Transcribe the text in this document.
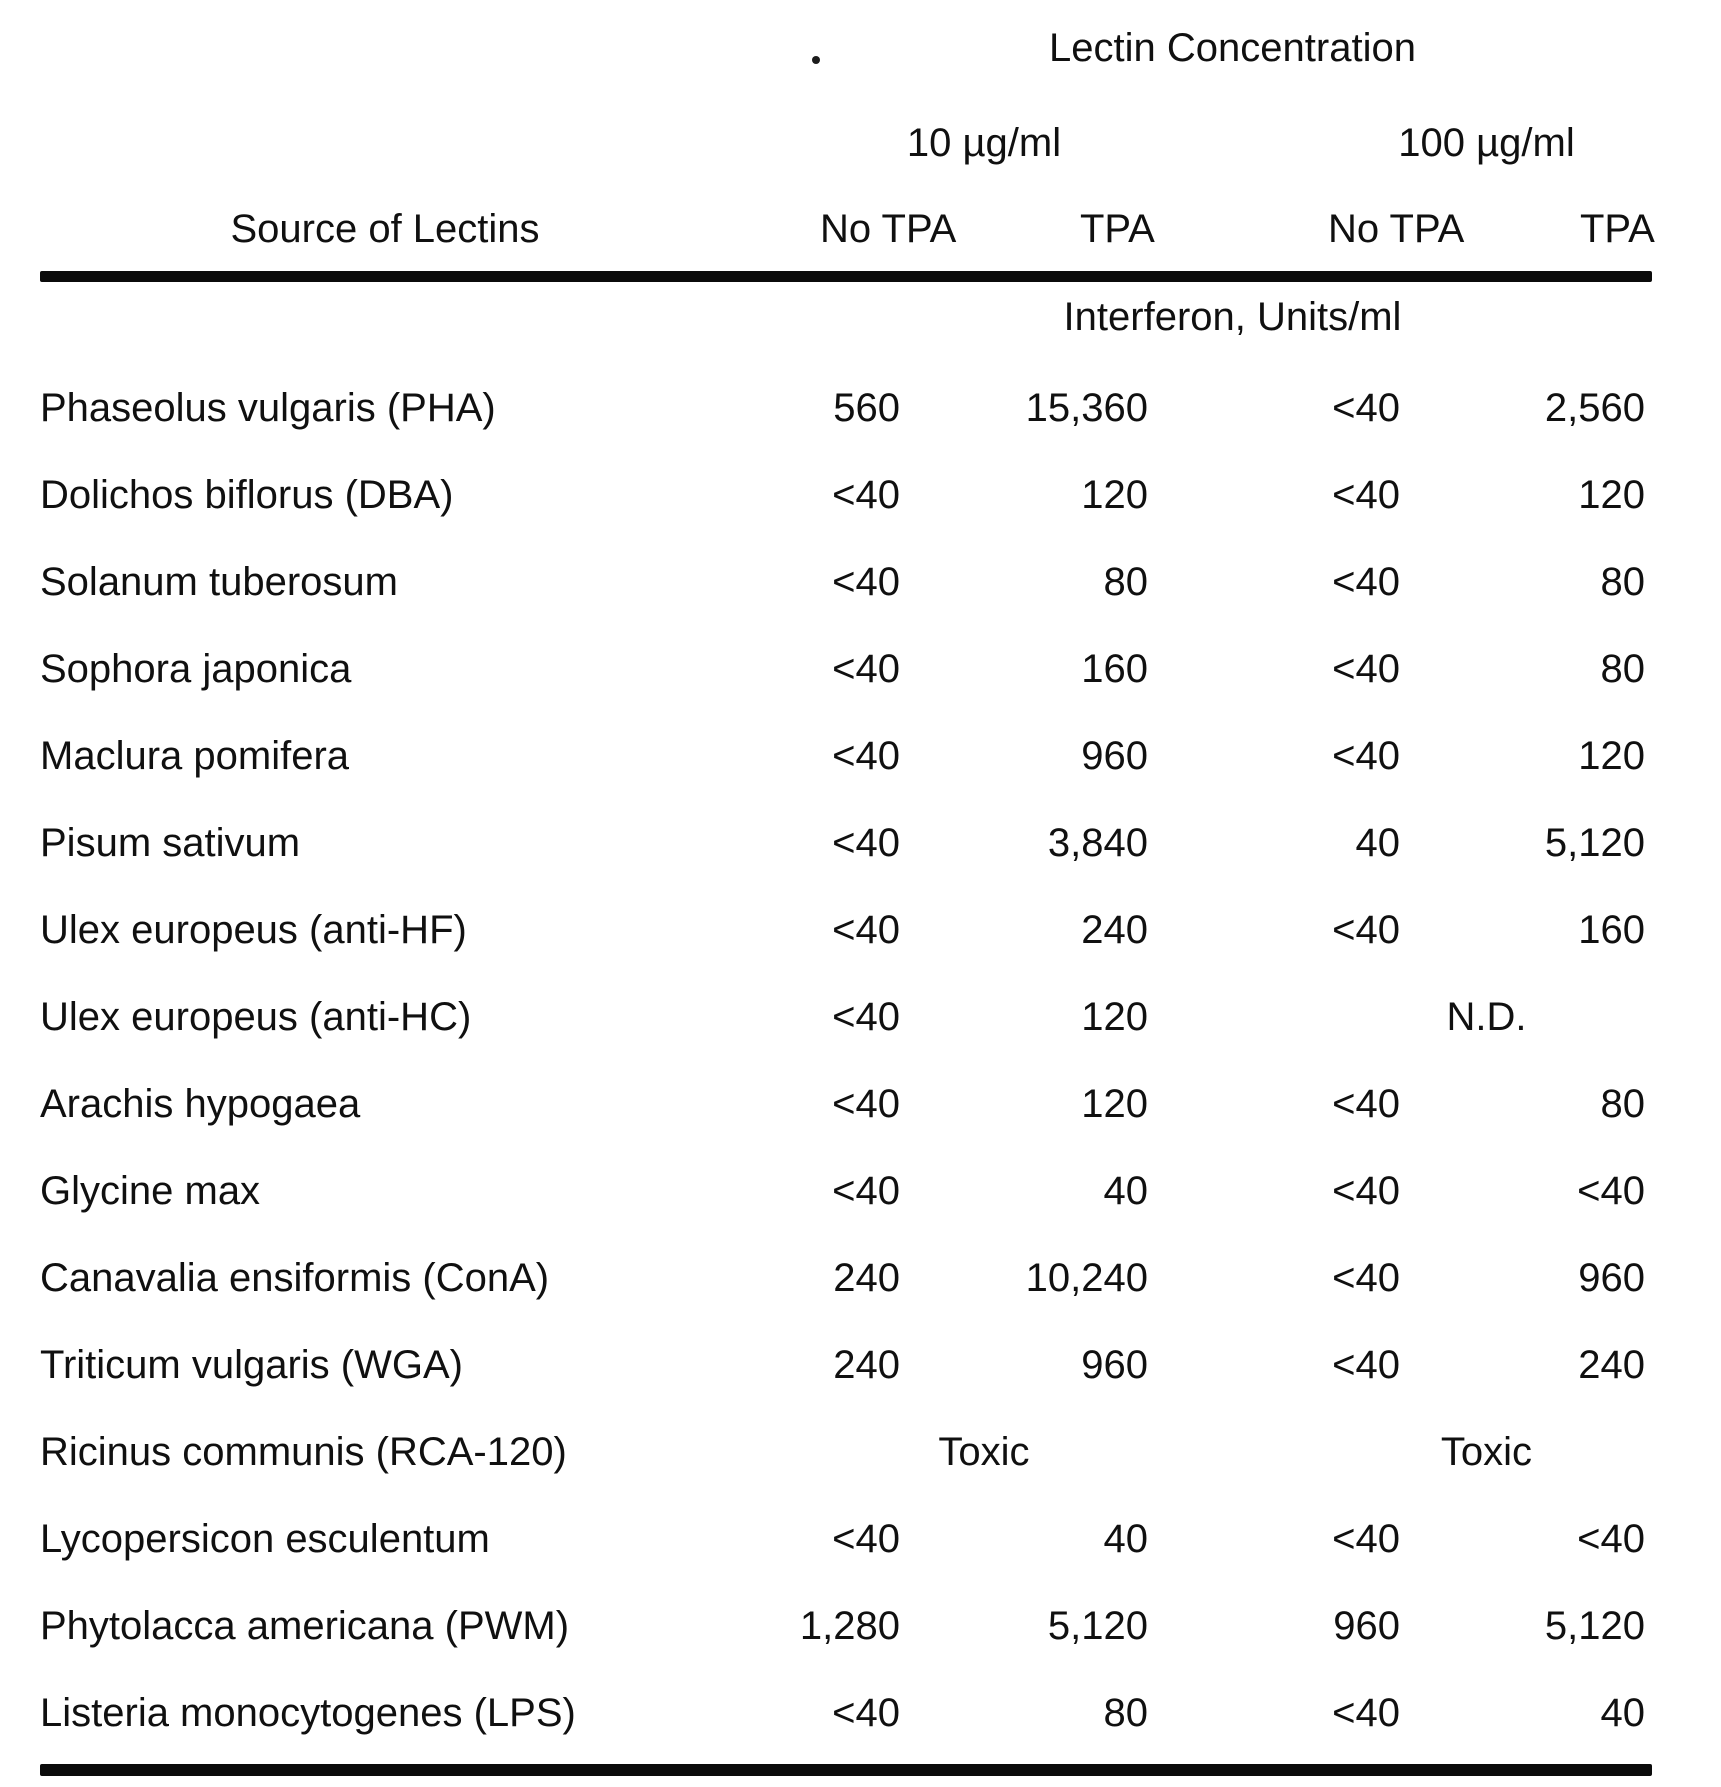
Lectin Concentration
10 µg/ml	100 µg/ml
Source of Lectins	No TPA	TPA	No TPA	TPA
Interferon, Units/ml
Phaseolus vulgaris (PHA)	560	15,360	<40	2,560
Dolichos biflorus (DBA)	<40	120	<40	120
Solanum tuberosum	<40	80	<40	80
Sophora japonica	<40	160	<40	80
Maclura pomifera	<40	960	<40	120
Pisum sativum	<40	3,840	40	5,120
Ulex europeus (anti-HF)	<40	240	<40	160
Ulex europeus (anti-HC)	<40	120	N.D.
Arachis hypogaea	<40	120	<40	80
Glycine max	<40	40	<40	<40
Canavalia ensiformis (ConA)	240	10,240	<40	960
Triticum vulgaris (WGA)	240	960	<40	240
Ricinus communis (RCA-120)	Toxic	Toxic
Lycopersicon esculentum	<40	40	<40	<40
Phytolacca americana (PWM)	1,280	5,120	960	5,120
Listeria monocytogenes (LPS)	<40	80	<40	40
